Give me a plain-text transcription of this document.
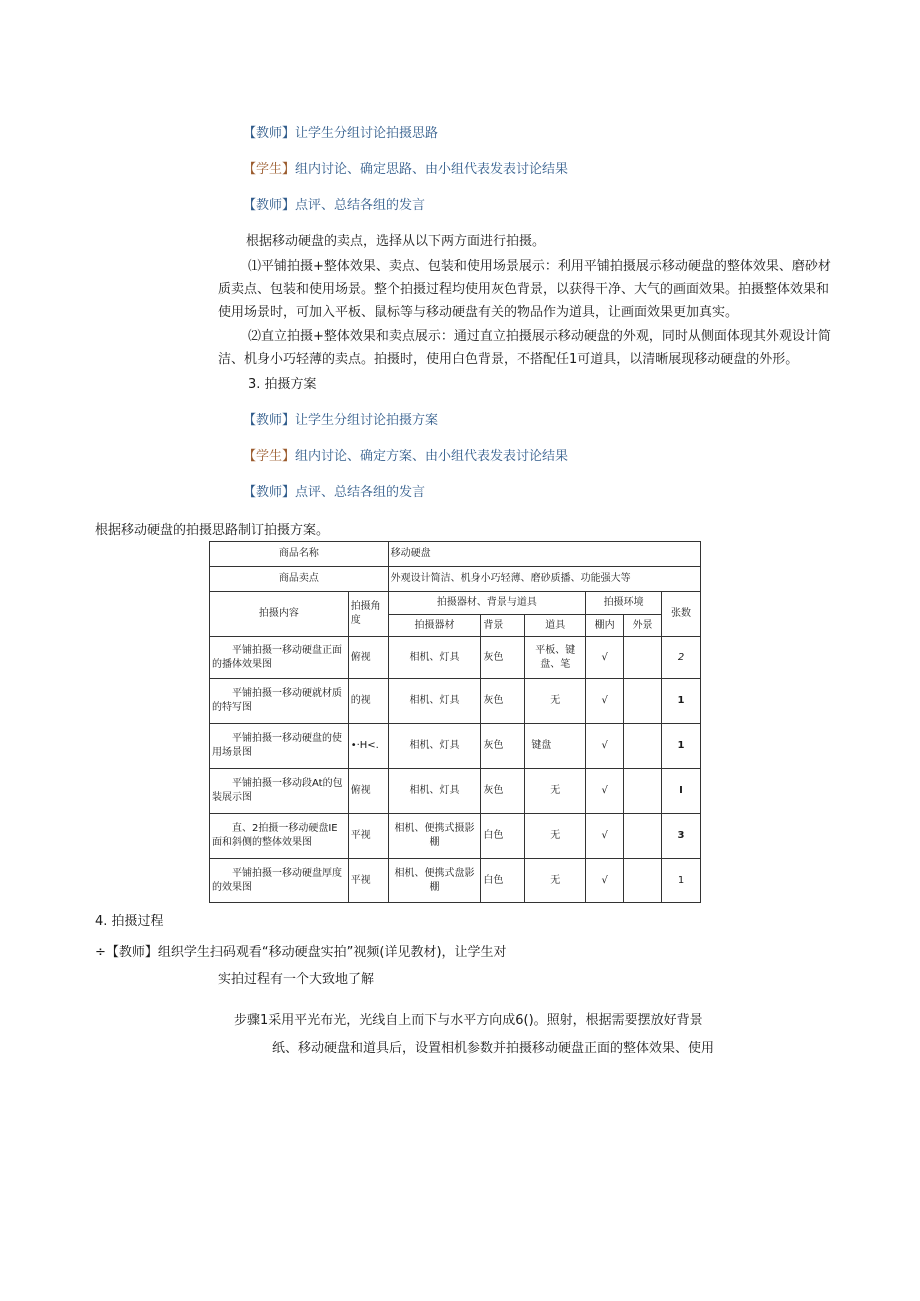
【教师】让学生分组讨论拍摄思路
【学生】组内讨论、确定思路、由小组代表发表讨论结果
【教师】点评、总结各组的发言
根据移动硬盘的卖点，选择从以下两方面进行拍摄。
⑴平铺拍摄+整体效果、卖点、包装和使用场景展示：利用平铺拍摄展示移动硬盘的整体效果、磨砂材质卖点、包装和使用场景。整个拍摄过程均使用灰色背景，以获得干净、大气的画面效果。拍摄整体效果和使用场景时，可加入平板、鼠标等与移动硬盘有关的物品作为道具，让画面效果更加真实。
⑵直立拍摄+整体效果和卖点展示：通过直立拍摄展示移动硬盘的外观，同时从侧面体现其外观设计简洁、机身小巧轻薄的卖点。拍摄时，使用白色背景，不搭配任1可道具，以清晰展现移动硬盘的外形。
3. 拍摄方案
【教师】让学生分组讨论拍摄方案
【学生】组内讨论、确定方案、由小组代表发表讨论结果
【教师】点评、总结各组的发言
根据移动硬盘的拍摄思路制订拍摄方案。
商品名称		移动硬盘					
商品卖点		外观设计简洁、机身小巧轻薄、磨砂质播、功能强大等					
拍摄内容	拍摄角度	拍摄器材、背景与道具			拍摄环境		张数
		拍摄器材	背景	道具	棚内	外景	
平铺拍摄一移动硬盘正面的播体效果图	俯视	相机、灯具	灰色	平板、键盘、笔	√		2
平铺拍摄一移动硬就材质的特写图	的视	相机、灯具	灰色	无	√		1
平铺拍摄一移动硬盘的使用场景图	•·H<.	相机、灯具	灰色	键盘	√		1
平铺拍摄一移动段At的包装展示图	俯视	相机、灯具	灰色	无	√		I
直、2拍摄一移动硬盘IE面和斜侧的整体效果图	平视	相机、便携式摄影棚	白色	无	√		3
平铺拍摄一移动硬盘厚度的效果图	平视	相机、便携式盘影棚	白色	无	√		1
4. 拍摄过程
÷【教师】组织学生扫码观看“移动硬盘实拍”视频(详见教材)，让学生对
实拍过程有一个大致地了解
步骤1采用平光布光，光线自上而下与水平方向成6()。照射，根据需要摆放好背景
纸、移动硬盘和道具后，设置相机参数并拍摄移动硬盘正面的整体效果、使用
